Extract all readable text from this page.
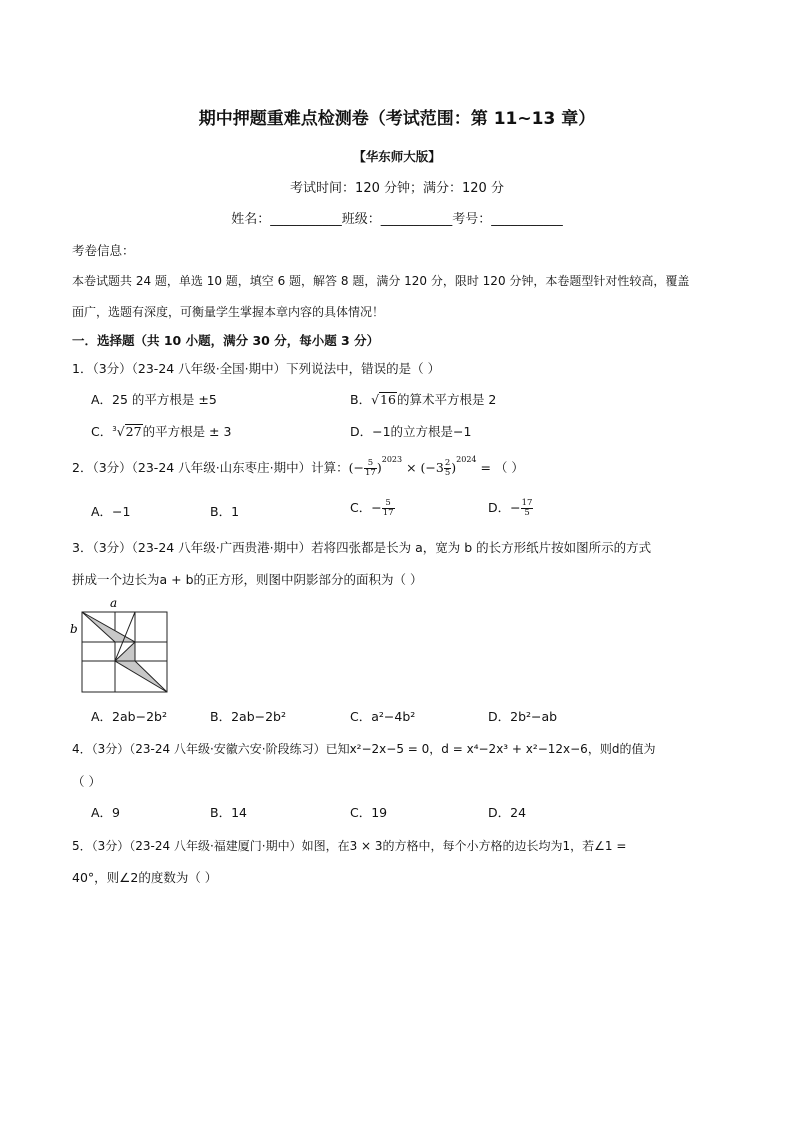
期中押题重难点检测卷（考试范围：第 11~13 章）
【华东师大版】
考试时间：120 分钟；满分：120 分
姓名：___________班级：___________考号：___________
考卷信息：
本卷试题共 24 题，单选 10 题，填空 6 题，解答 8 题，满分 120 分，限时 120 分钟，本卷题型针对性较高，覆盖
面广，选题有深度，可衡量学生掌握本章内容的具体情况！
一．选择题（共 10 小题，满分 30 分，每小题 3 分）
1．（3分）（23-24 八年级·全国·期中）下列说法中，错误的是（ ）
A．25 的平方根是 ±5	B．√16的算术平方根是 2
C．$^3$√27的平方根是 ± 3	D．−1的立方根是−1
2．（3分）（23-24 八年级·山东枣庄·期中）计算：(− $\frac{5}{17} )^{2023} \times (-3 \frac{2}{5} )^{2024}$ = （ ）
A．−1	B．1	C．− $\frac{5}{17}$	D．− $\frac{17}{5}$
3．（3分）（23-24 八年级·广西贵港·期中）若将四张都是长为 a，宽为 b 的长方形纸片按如图所示的方式
拼成一个边长为a + b的正方形，则图中阴影部分的面积为（ ）
a
b
A．2ab−2b²	B．2ab−2b²	C．a²−4b²	D．2b²−ab
4．（3分）（23-24 八年级·安徽六安·阶段练习）已知x²−2x−5 = 0，d = x⁴−2x³ + x²−12x−6，则d的值为
（ ）
A．9	B．14	C．19	D．24
5．（3分）（23-24 八年级·福建厦门·期中）如图，在3 × 3的方格中，每个小方格的边长均为1，若∠1 =
40°，则∠2的度数为（ ）
